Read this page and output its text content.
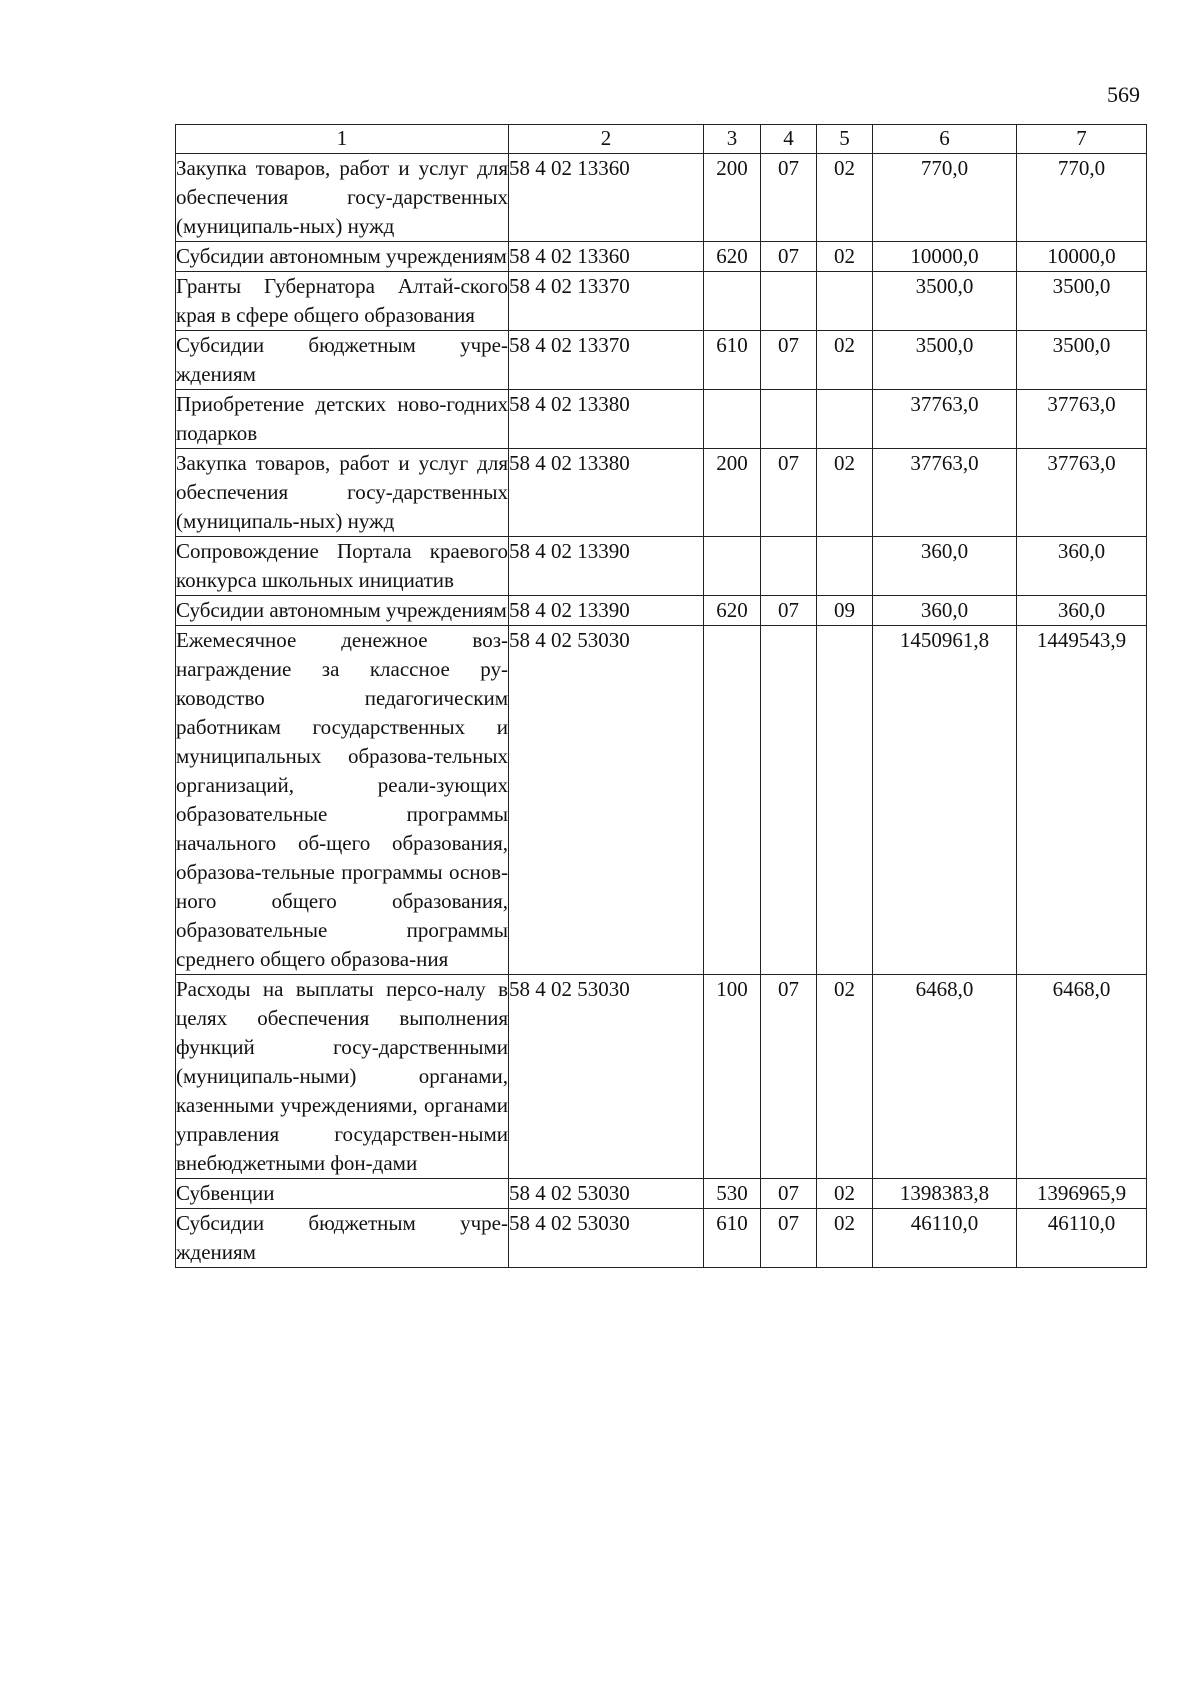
569
1	2	3	4	5	6	7
Закупка товаров, работ и услуг для обеспечения госу-дарственных (муниципаль-ных) нужд	58 4 02 13360	200	07	02	770,0	770,0
Субсидии автономным учреждениям	58 4 02 13360	620	07	02	10000,0	10000,0
Гранты Губернатора Алтай-ского края в сфере общего образования	58 4 02 13370				3500,0	3500,0
Субсидии бюджетным учре-ждениям	58 4 02 13370	610	07	02	3500,0	3500,0
Приобретение детских ново-годних подарков	58 4 02 13380				37763,0	37763,0
Закупка товаров, работ и услуг для обеспечения госу-дарственных (муниципаль-ных) нужд	58 4 02 13380	200	07	02	37763,0	37763,0
Сопровождение Портала краевого конкурса школьных инициатив	58 4 02 13390				360,0	360,0
Субсидии автономным учреждениям	58 4 02 13390	620	07	09	360,0	360,0
Ежемесячное денежное воз-награждение за классное ру-ководство педагогическим работникам государственных и муниципальных образова-тельных организаций, реали-зующих образовательные программы начального об-щего образования, образова-тельные программы основ-ного общего образования, образовательные программы среднего общего образова-ния	58 4 02 53030				1450961,8	1449543,9
Расходы на выплаты персо-налу в целях обеспечения выполнения функций госу-дарственными (муниципаль-ными) органами, казенными учреждениями, органами управления государствен-ными внебюджетными фон-дами	58 4 02 53030	100	07	02	6468,0	6468,0
Субвенции	58 4 02 53030	530	07	02	1398383,8	1396965,9
Субсидии бюджетным учре-ждениям	58 4 02 53030	610	07	02	46110,0	46110,0
